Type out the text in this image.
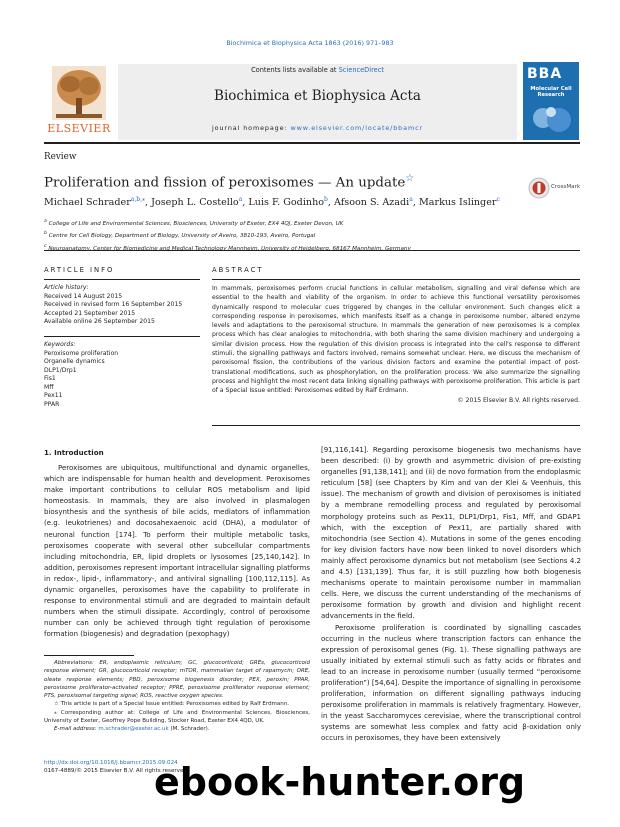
Biochimica et Biophysica Acta 1863 (2016) 971–983
ELSEVIER
Contents lists available at ScienceDirect
Biochimica et Biophysica Acta
journal homepage: www.elsevier.com/locate/bbamcr
BBA
Molecular Cell Research
Review
Proliferation and fission of peroxisomes — An update☆
CrossMark
Michael Schrader$^{a,b,⁎}$, Joseph L. Costello$^a$, Luis F. Godinho$^b$, Afsoon S. Azadi$^a$, Markus Islinger$^c$
$^a$ College of Life and Environmental Sciences, Biosciences, University of Exeter, EX4 4QJ, Exeter Devon, UK
$^b$ Centre for Cell Biology, Department of Biology, University of Aveiro, 3810-193, Aveiro, Portugal
$^c$ Neuroanatomy, Center for Biomedicine and Medical Technology Mannheim, University of Heidelberg, 68167 Mannheim, Germany
ARTICLE INFO	ABSTRACT
Article history:
Received 14 August 2015
Received in revised form 16 September 2015
Accepted 21 September 2015
Available online 26 September 2015
Keywords:
Peroxisome proliferation
Organelle dynamics
DLP1/Drp1
Fis1
Mff
Pex11
PPAR
In mammals, peroxisomes perform crucial functions in cellular metabolism, signalling and viral defense which are essential to the health and viability of the organism. In order to achieve this functional versatility peroxisomes dynamically respond to molecular cues triggered by changes in the cellular environment. Such changes elicit a corresponding response in peroxisomes, which manifests itself as a change in peroxisome number, altered enzyme levels and adaptations to the peroxisomal structure. In mammals the generation of new peroxisomes is a complex process which has clear analogies to mitochondria, with both sharing the same division machinery and undergoing a similar division process. How the regulation of this division process is integrated into the cell's response to different stimuli, the signalling pathways and factors involved, remains somewhat unclear. Here, we discuss the mechanism of peroxisomal fission, the contributions of the various division factors and examine the potential impact of post-translational modifications, such as phosphorylation, on the proliferation process. We also summarize the signalling process and highlight the most recent data linking signalling pathways with peroxisome proliferation. This article is part of a Special Issue entitled: Peroxisomes edited by Ralf Erdmann.
© 2015 Elsevier B.V. All rights reserved.
1. Introduction

Peroxisomes are ubiquitous, multifunctional and dynamic organelles, which are indispensable for human health and development. Peroxisomes make important contributions to cellular ROS metabolism and lipid homeostasis. In mammals, they are also involved in plasmalogen biosynthesis and the synthesis of bile acids, mediators of inflammation (e.g. leukotrienes) and docosahexaenoic acid (DHA), a modulator of neuronal function [174]. To perform their multiple metabolic tasks, peroxisomes cooperate with several other subcellular compartments including mitochondria, ER, lipid droplets or lysosomes [25,140,142]. In addition, peroxisomes represent important intracellular signalling platforms in redox-, lipid-, inflammatory-, and antiviral signalling [100,112,115]. As dynamic organelles, peroxisomes have the capability to proliferate in response to environmental stimuli and are degraded to maintain default numbers when the stimuli dissipate. Accordingly, control of peroxisome number can only be achieved through tight regulation of peroxisome formation (biogenesis) and degradation (pexophagy)

[91,116,141]. Regarding peroxisome biogenesis two mechanisms have been described: (i) by growth and asymmetric division of pre-existing organelles [91,138,141]; and (ii) de novo formation from the endoplasmic reticulum [58] (see Chapters by Kim and van der Klei & Veenhuis, this issue). The mechanism of growth and division of peroxisomes is initiated by a membrane remodelling process and regulated by peroxisomal morphology proteins such as Pex11, DLP1/Drp1, Fis1, Mff, and GDAP1 which, with the exception of Pex11, are partially shared with mitochondria (see Section 4). Mutations in some of the genes encoding for key division factors have now been linked to novel disorders which mainly affect peroxisome dynamics but not metabolism (see Sections 4.2 and 4.5) [131,139]. Thus far, it is still puzzling how both biogenesis mechanisms operate to maintain peroxisome number in mammalian cells. Here, we discuss the current understanding of the mechanisms of peroxisome formation by growth and division and highlight recent advancements in the field.

Peroxisome proliferation is coordinated by signalling cascades occurring in the nucleus where transcription factors can enhance the expression of peroxisomal genes (Fig. 1). These signalling pathways are usually initiated by external stimuli such as fatty acids or fibrates and lead to an increase in peroxisome number (usually termed “peroxisome proliferation”) [54,64]. Despite the importance of signalling in peroxisome proliferation, information on different signalling pathways inducing peroxisome proliferation in mammals is relatively fragmentary. However, in the yeast Saccharomyces cerevisiae, where the transcriptional control systems are somewhat less complex and fatty acid β-oxidation only occurs in peroxisomes, they have been extensively

Abbreviations: ER, endoplasmic reticulum; GC, glucocorticoid; GREs, glucocorticoid response element; GR, glucocorticoid receptor; mTOR, mammalian target of rapamycin; ORE, oleate response elements; PBD, peroxisome biogenesis disorder; PEX, peroxin; PPAR, peroxisome proliferator-activated receptor; PPRE, peroxisome proliferator response element; PTS, peroxisomal targeting signal; ROS, reactive oxygen species.

☆ This article is part of a Special Issue entitled: Peroxisomes edited by Ralf Erdmann.

⁎ Corresponding author at: College of Life and Environmental Sciences, Biosciences, University of Exeter, Geoffrey Pope Building, Stocker Road, Exeter EX4 4QD, UK.

E-mail address: m.schrader@exeter.ac.uk (M. Schrader).

http://dx.doi.org/10.1016/j.bbamcr.2015.09.024
0167-4889/© 2015 Elsevier B.V. All rights reserved.
ebook-hunter.org
